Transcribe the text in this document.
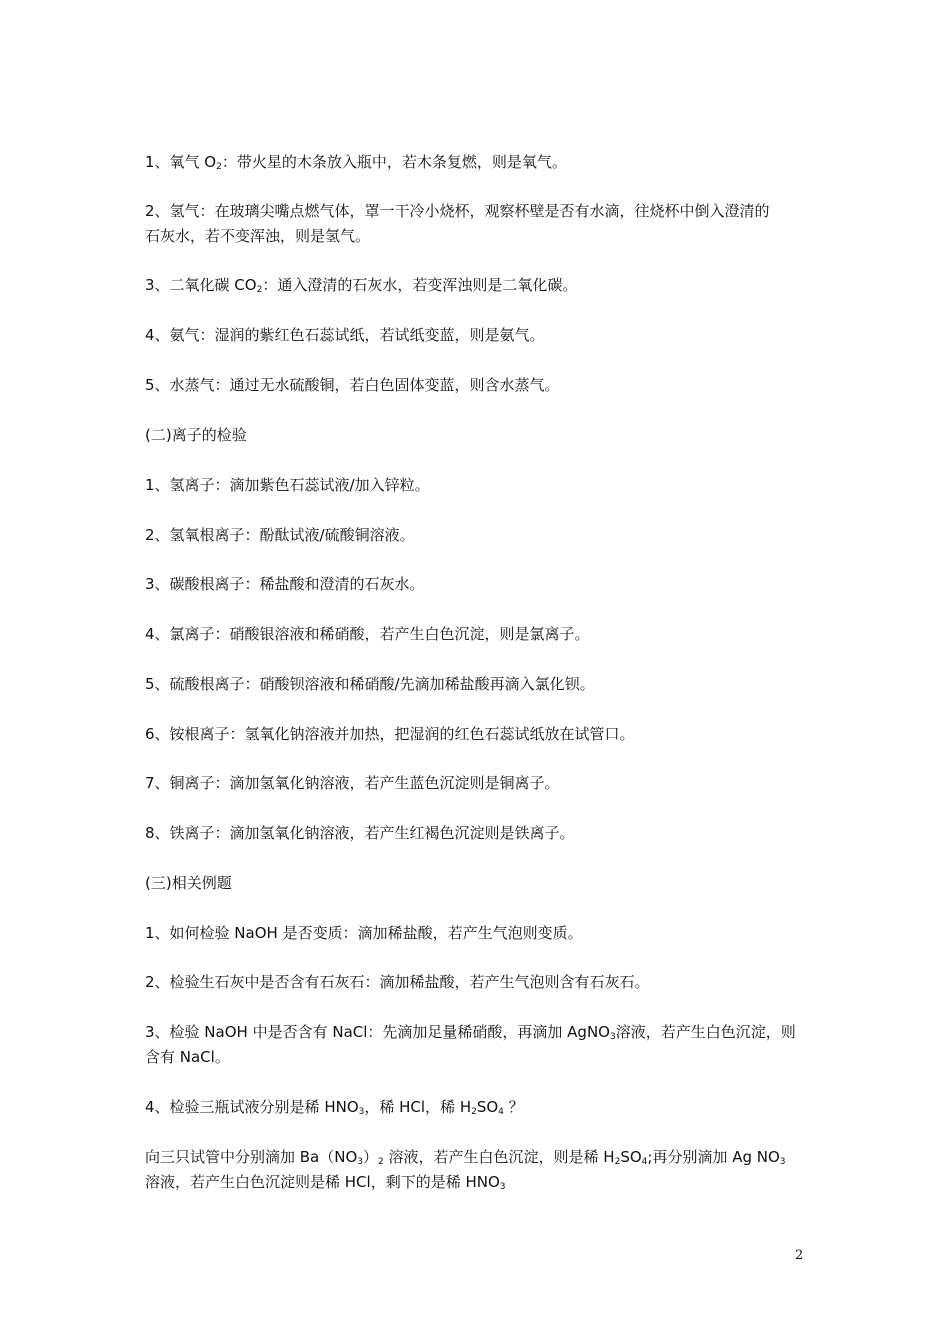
1、氧气 $O_2$：带火星的木条放入瓶中，若木条复燃，则是氧气。
2、氢气：在玻璃尖嘴点燃气体，罩一干冷小烧杯，观察杯壁是否有水滴，往烧杯中倒入澄清的
石灰水，若不变浑浊，则是氢气。
3、二氧化碳 $CO_2$：通入澄清的石灰水，若变浑浊则是二氧化碳。
4、氨气：湿润的紫红色石蕊试纸，若试纸变蓝，则是氨气。
5、水蒸气：通过无水硫酸铜，若白色固体变蓝，则含水蒸气。
(二)离子的检验
1、氢离子：滴加紫色石蕊试液/加入锌粒。
2、氢氧根离子：酚酞试液/硫酸铜溶液。
3、碳酸根离子：稀盐酸和澄清的石灰水。
4、氯离子：硝酸银溶液和稀硝酸，若产生白色沉淀，则是氯离子。
5、硫酸根离子：硝酸钡溶液和稀硝酸/先滴加稀盐酸再滴入氯化钡。
6、铵根离子：氢氧化钠溶液并加热，把湿润的红色石蕊试纸放在试管口。
7、铜离子：滴加氢氧化钠溶液，若产生蓝色沉淀则是铜离子。
8、铁离子：滴加氢氧化钠溶液，若产生红褐色沉淀则是铁离子。
(三)相关例题
1、如何检验 NaOH 是否变质：滴加稀盐酸，若产生气泡则变质。
2、检验生石灰中是否含有石灰石：滴加稀盐酸，若产生气泡则含有石灰石。
3、检验 NaOH 中是否含有 NaCl：先滴加足量稀硝酸，再滴加 AgNO$_3$溶液，若产生白色沉淀，则
含有 NaCl。
4、检验三瓶试液分别是稀 $HNO_3$，稀 HCl，稀 $H_2SO_4$ ？
向三只试管中分别滴加 $Ba(NO_3)_2$ 溶液，若产生白色沉淀，则是稀 $H_2SO_4$;再分别滴加 Ag $NO_3$
溶液，若产生白色沉淀则是稀 HCl，剩下的是稀 $HNO_3$
2
